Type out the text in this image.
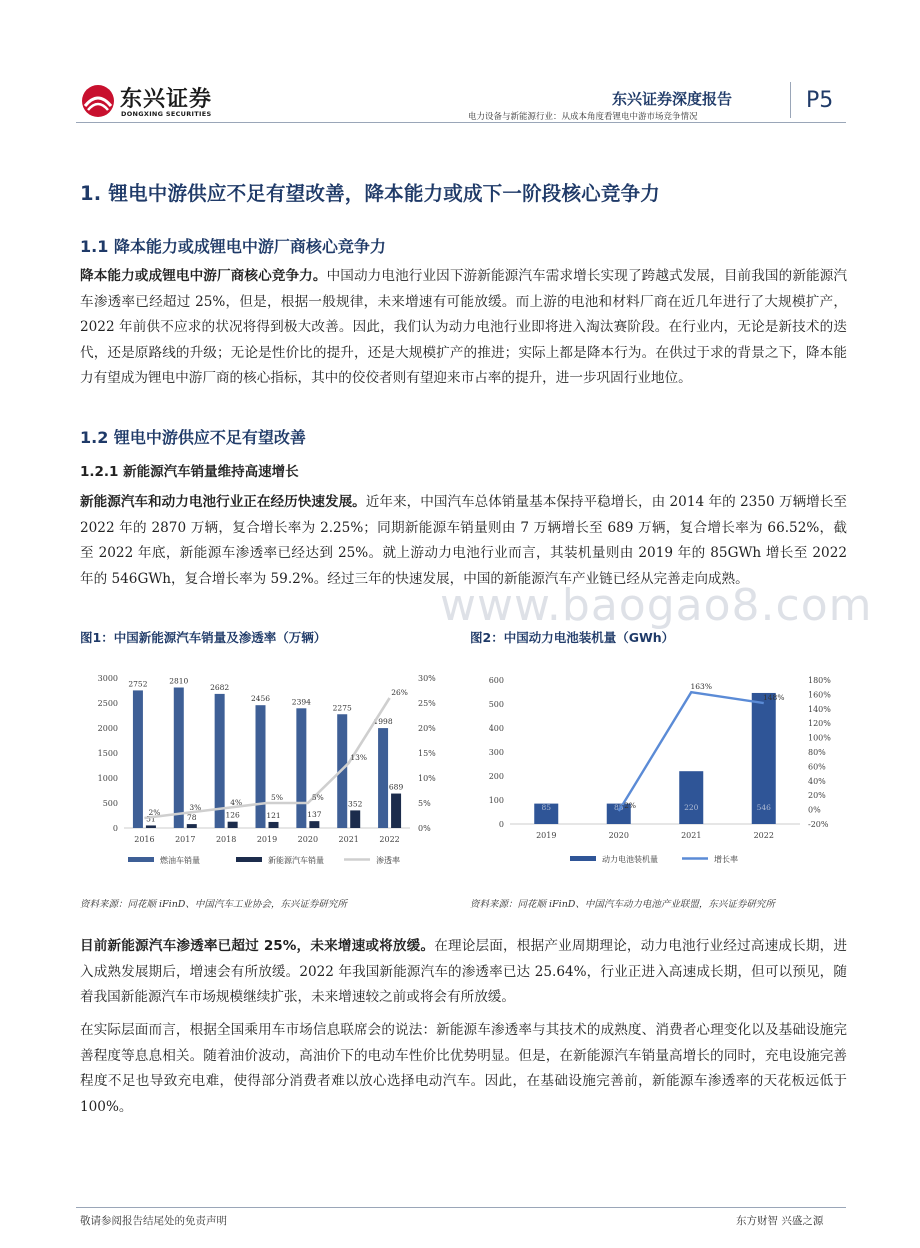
东兴证券
DONGXING SECURITIES
东兴证券深度报告
电力设备与新能源行业：从成本角度看锂电中游市场竞争情况
P5
1. 锂电中游供应不足有望改善，降本能力或成下一阶段核心竞争力
1.1 降本能力或成锂电中游厂商核心竞争力
降本能力或成锂电中游厂商核心竞争力。中国动力电池行业因下游新能源汽车需求增长实现了跨越式发展，目前我国的新能源汽车渗透率已经超过 25%，但是，根据一般规律，未来增速有可能放缓。而上游的电池和材料厂商在近几年进行了大规模扩产，2022 年前供不应求的状况将得到极大改善。因此，我们认为动力电池行业即将进入淘汰赛阶段。在行业内，无论是新技术的迭代，还是原路线的升级；无论是性价比的提升，还是大规模扩产的推进；实际上都是降本行为。在供过于求的背景之下，降本能力有望成为锂电中游厂商的核心指标，其中的佼佼者则有望迎来市占率的提升，进一步巩固行业地位。
1.2 锂电中游供应不足有望改善
1.2.1 新能源汽车销量维持高速增长
新能源汽车和动力电池行业正在经历快速发展。近年来，中国汽车总体销量基本保持平稳增长，由 2014 年的 2350 万辆增长至 2022 年的 2870 万辆，复合增长率为 2.25%；同期新能源车销量则由 7 万辆增长至 689 万辆，复合增长率为 66.52%，截至 2022 年底，新能源车渗透率已经达到 25%。就上游动力电池行业而言，其装机量则由 2019 年的 85GWh 增长至 2022 年的 546GWh，复合增长率为 59.2%。经过三年的快速发展，中国的新能源汽车产业链已经从完善走向成熟。
www.baogao8.com
图1：中国新能源汽车销量及渗透率（万辆）
0
500
1000
1500
2000
2500
3000
0%
5%
10%
15%
20%
25%
30%
2016
2752
51
2017
2810
78
2018
2682
126
2019
2456
121
2020
2394
137
2021
2275
352
2022
1998
689
2%
3%
4%
5%	5%
13%
26%
燃油车销量	新能源汽车销量	渗透率
资料来源：同花顺 iFinD、中国汽车工业协会，东兴证券研究所
图2：中国动力电池装机量（GWh）
0
100
200
300
400
500
600
-20%
0%
20%
40%
60%
80%
100%
120%
140%
160%
180%
2019
85
2020
85
2021
220
2022
546
-2%
163%
148%
动力电池装机量	增长率
资料来源：同花顺 iFinD、中国汽车动力电池产业联盟，东兴证券研究所
目前新能源汽车渗透率已超过 25%，未来增速或将放缓。在理论层面，根据产业周期理论，动力电池行业经过高速成长期，进入成熟发展期后，增速会有所放缓。2022 年我国新能源汽车的渗透率已达 25.64%，行业正进入高速成长期，但可以预见，随着我国新能源汽车市场规模继续扩张，未来增速较之前或将会有所放缓。
在实际层面而言，根据全国乘用车市场信息联席会的说法：新能源车渗透率与其技术的成熟度、消费者心理变化以及基础设施完善程度等息息相关。随着油价波动，高油价下的电动车性价比优势明显。但是，在新能源汽车销量高增长的同时，充电设施完善程度不足也导致充电难，使得部分消费者难以放心选择电动汽车。因此，在基础设施完善前，新能源车渗透率的天花板远低于 100%。
敬请参阅报告结尾处的免责声明	东方财智 兴盛之源
